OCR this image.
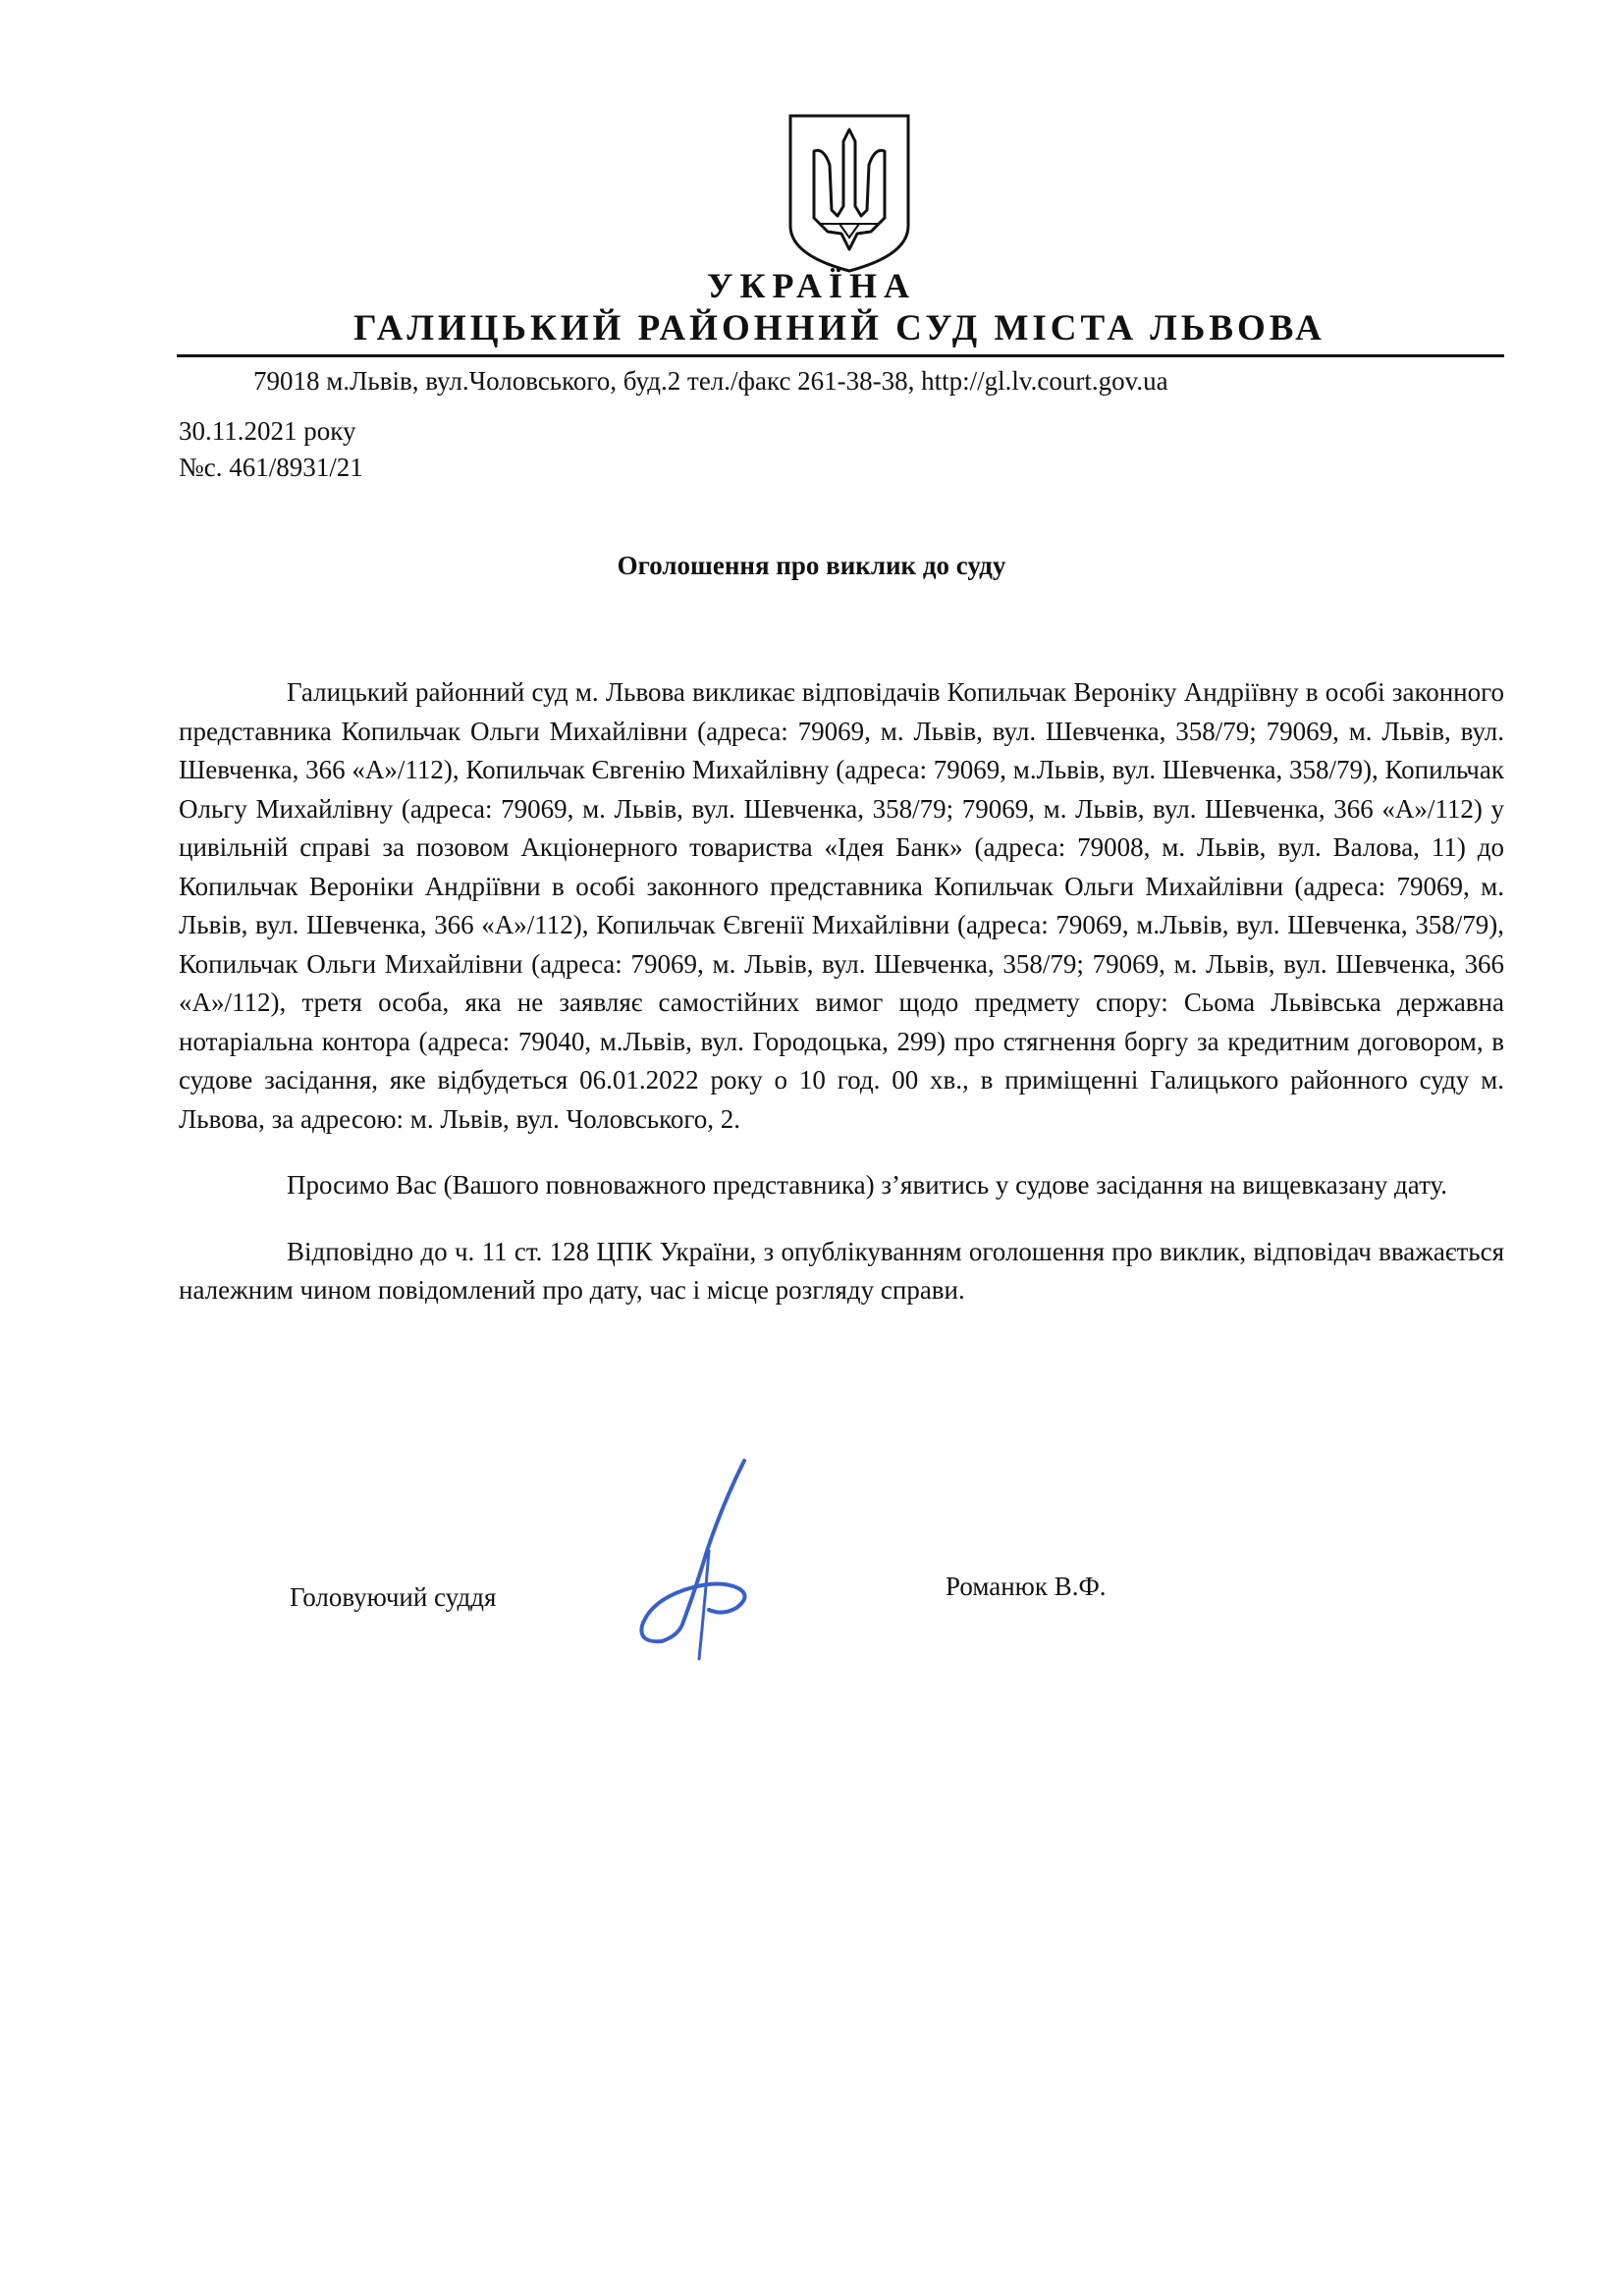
УКРАЇНА
ГАЛИЦЬКИЙ РАЙОННИЙ СУД МІСТА ЛЬВОВА
79018 м.Львів, вул.Чоловського, буд.2 тел./факс 261-38-38, http://gl.lv.court.gov.ua
30.11.2021 року
№с. 461/8931/21
Оголошення про виклик до суду

Галицький районний суд м. Львова викликає відповідачів Копильчак Вероніку Андріївну в особі законного представника Копильчак Ольги Михайлівни (адреса: 79069, м. Львів, вул. Шевченка, 358/79; 79069, м. Львів, вул. Шевченка, 366 «А»/112), Копильчак Євгенію Михайлівну (адреса: 79069, м.Львів, вул. Шевченка, 358/79), Копильчак Ольгу Михайлівну (адреса: 79069, м. Львів, вул. Шевченка, 358/79; 79069, м. Львів, вул. Шевченка, 366 «А»/112) у цивільній справі за позовом Акціонерного товариства «Ідея Банк» (адреса: 79008, м. Львів, вул. Валова, 11) до Копильчак Вероніки Андріївни в особі законного представника Копильчак Ольги Михайлівни (адреса: 79069, м. Львів, вул. Шевченка, 366 «А»/112), Копильчак Євгенії Михайлівни (адреса: 79069, м.Львів, вул. Шевченка, 358/79), Копильчак Ольги Михайлівни (адреса: 79069, м. Львів, вул. Шевченка, 358/79; 79069, м. Львів, вул. Шевченка, 366 «А»/112), третя особа, яка не заявляє самостійних вимог щодо предмету спору: Сьома Львівська державна нотаріальна контора (адреса: 79040, м.Львів, вул. Городоцька, 299) про стягнення боргу за кредитним договором, в судове засідання, яке відбудеться 06.01.2022 року о 10 год. 00 хв., в приміщенні Галицького районного суду м. Львова, за адресою: м. Львів, вул. Чоловського, 2.

Просимо Вас (Вашого повноважного представника) з’явитись у судове засідання на вищевказану дату.

Відповідно до ч. 11 ст. 128 ЦПК України, з опублікуванням оголошення про виклик, відповідач вважається належним чином повідомлений про дату, час і місце розгляду справи.

Головуючий суддя	Романюк В.Ф.
